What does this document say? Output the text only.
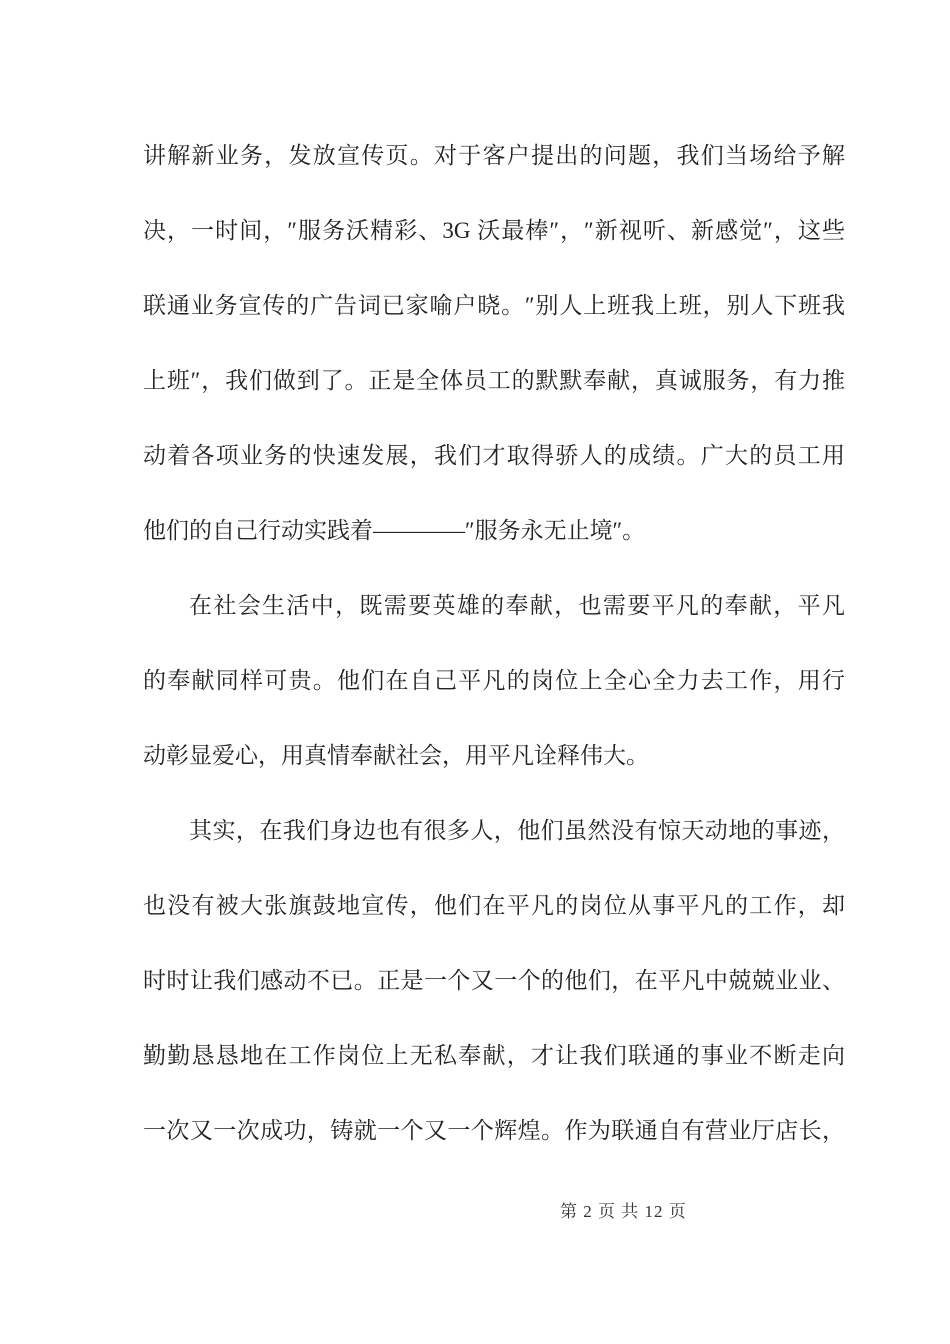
讲解新业务，发放宣传页。对于客户提出的问题，我们当场给予解

决，一时间，″服务沃精彩、3G 沃最棒″，″新视听、新感觉″，这些

联通业务宣传的广告词已家喻户晓。″别人上班我上班，别人下班我

上班″，我们做到了。正是全体员工的默默奉献，真诚服务，有力推

动着各项业务的快速发展，我们才取得骄人的成绩。广大的员工用

他们的自己行动实践着————″服务永无止境″。

在社会生活中，既需要英雄的奉献，也需要平凡的奉献，平凡

的奉献同样可贵。他们在自己平凡的岗位上全心全力去工作，用行

动彰显爱心，用真情奉献社会，用平凡诠释伟大。

其实，在我们身边也有很多人，他们虽然没有惊天动地的事迹，

也没有被大张旗鼓地宣传，他们在平凡的岗位从事平凡的工作，却

时时让我们感动不已。正是一个又一个的他们，在平凡中兢兢业业、

勤勤恳恳地在工作岗位上无私奉献，才让我们联通的事业不断走向

一次又一次成功，铸就一个又一个辉煌。作为联通自有营业厅店长，

第 2 页 共 12 页
